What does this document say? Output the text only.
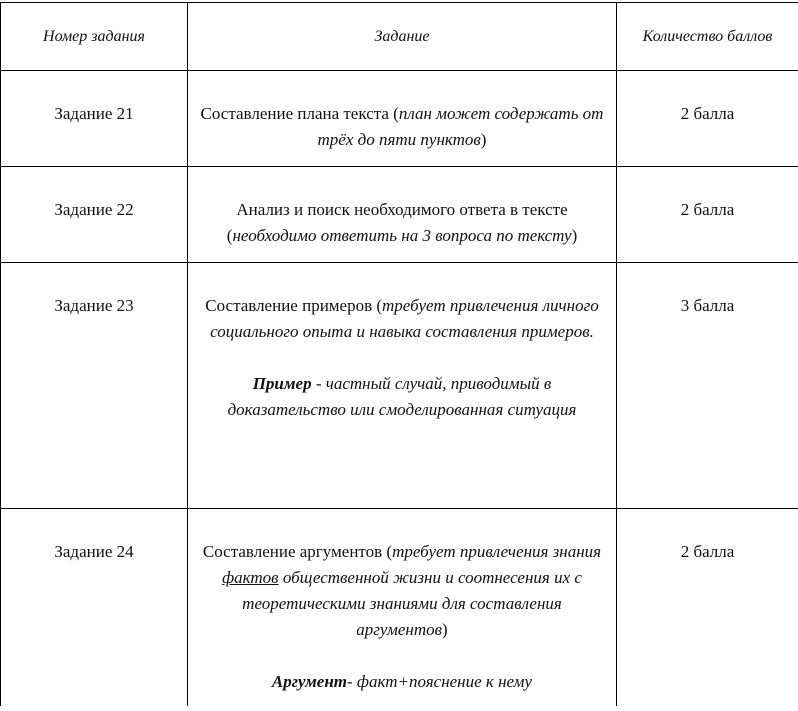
Номер задания	Задание	Количество баллов

Задание 21	Составление плана текста (план может содержать от трёх до пяти пунктов)	2 балла

Задание 22	Анализ и поиск необходимого ответа в тексте (необходимо ответить на 3 вопроса по тексту)	2 балла

Задание 23	Составление примеров (требует привлечения личного социального опыта и навыка составления примеров.
Пример - частный случай, приводимый в доказательство или смоделированная ситуация	3 балла

Задание 24	Составление аргументов (требует привлечения знания фактов общественной жизни и соотнесения их с теоретическими знаниями для составления аргументов)
Аргумент- факт+пояснение к нему	2 балла
